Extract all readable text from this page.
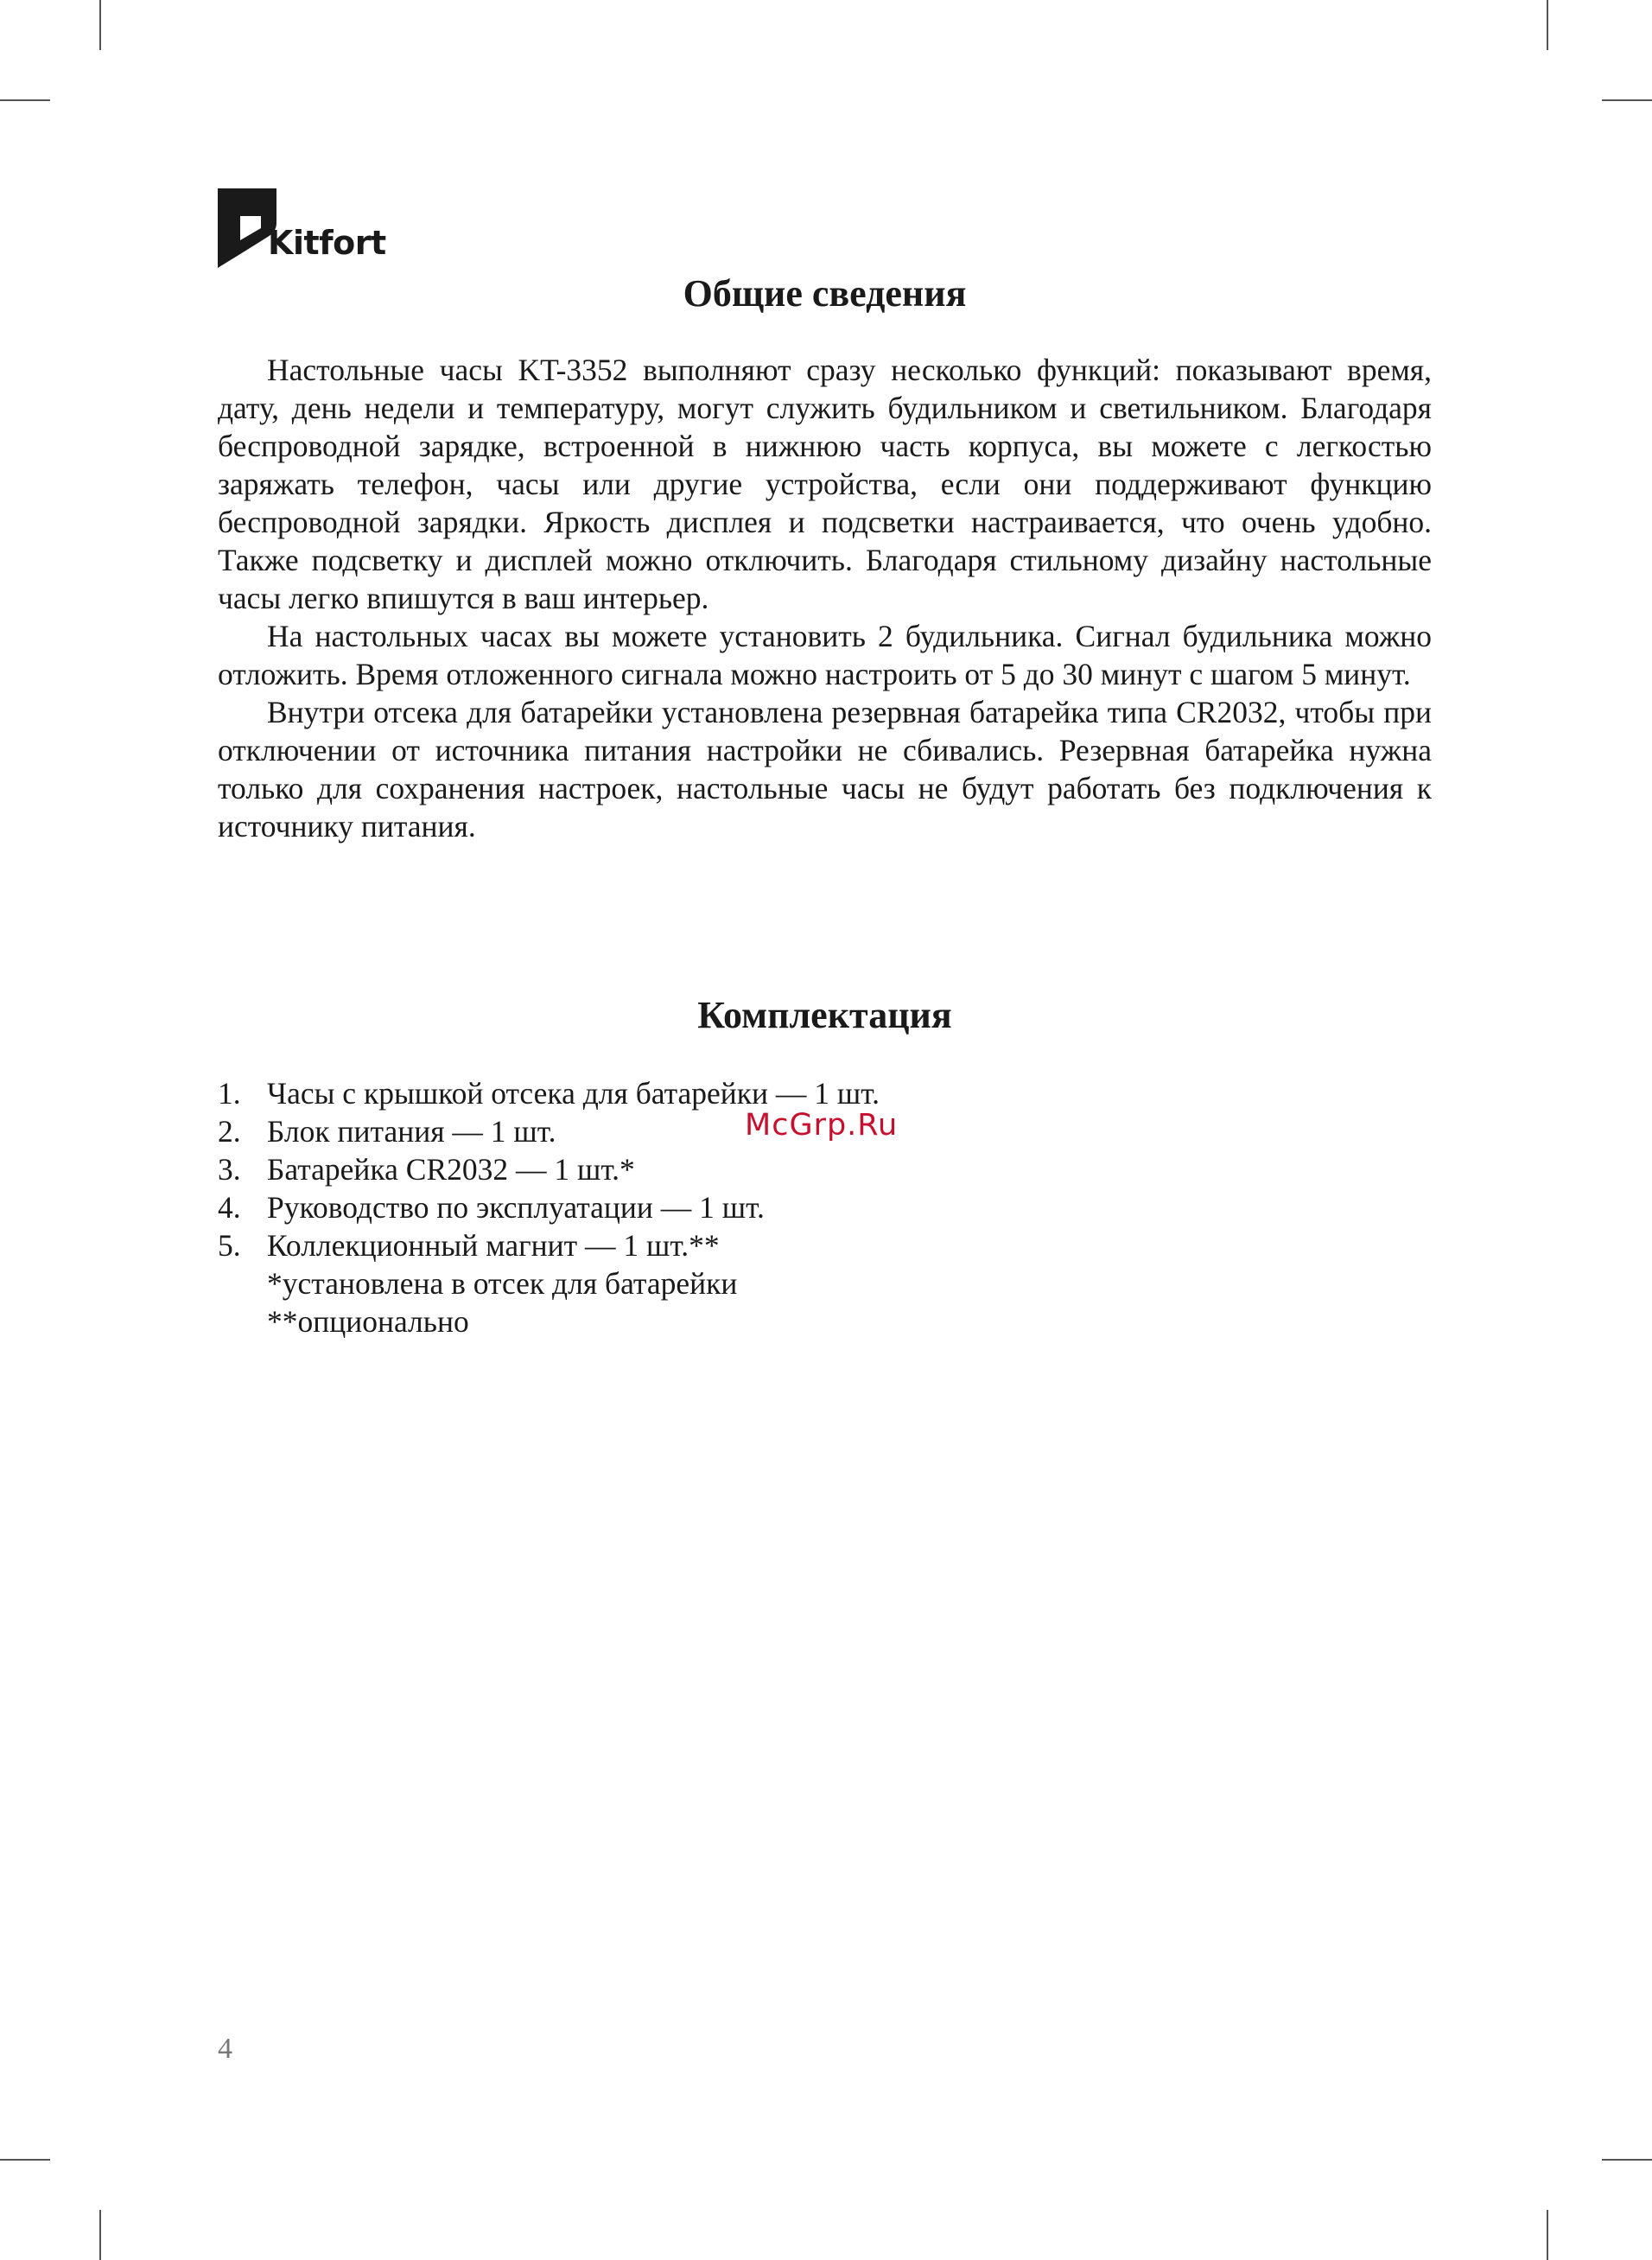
Kitfort
Общие сведения

Настольные часы KT-3352 выполняют сразу несколько функций: показывают время, дату, день недели и температуру, могут служить будильником и светильником. Благодаря беспроводной зарядке, встроенной в нижнюю часть корпуса, вы можете с легкостью заряжать телефон, часы или другие устройства, если они поддерживают функцию беспроводной зарядки. Яркость дисплея и подсветки настраивается, что очень удобно. Также подсветку и дисплей можно отключить. Благодаря стильному дизайну настольные часы легко впишутся в ваш интерьер.

На настольных часах вы можете установить 2 будильника. Сигнал будильника можно отложить. Время отложенного сигнала можно настроить от 5 до 30 минут с шагом 5 минут.

Внутри отсека для батарейки установлена резервная батарейка типа CR2032, чтобы при отключении от источника питания настройки не сбивались. Резервная батарейка нужна только для сохранения настроек, настольные часы не будут работать без подключения к источнику питания.

Комплектация
1. Часы с крышкой отсека для батарейки — 1 шт.
2. Блок питания — 1 шт.
3. Батарейка CR2032 — 1 шт.*
4. Руководство по эксплуатации — 1 шт.
5. Коллекционный магнит — 1 шт.**
*установлена в отсек для батарейки
**опционально
McGrp.Ru
4
